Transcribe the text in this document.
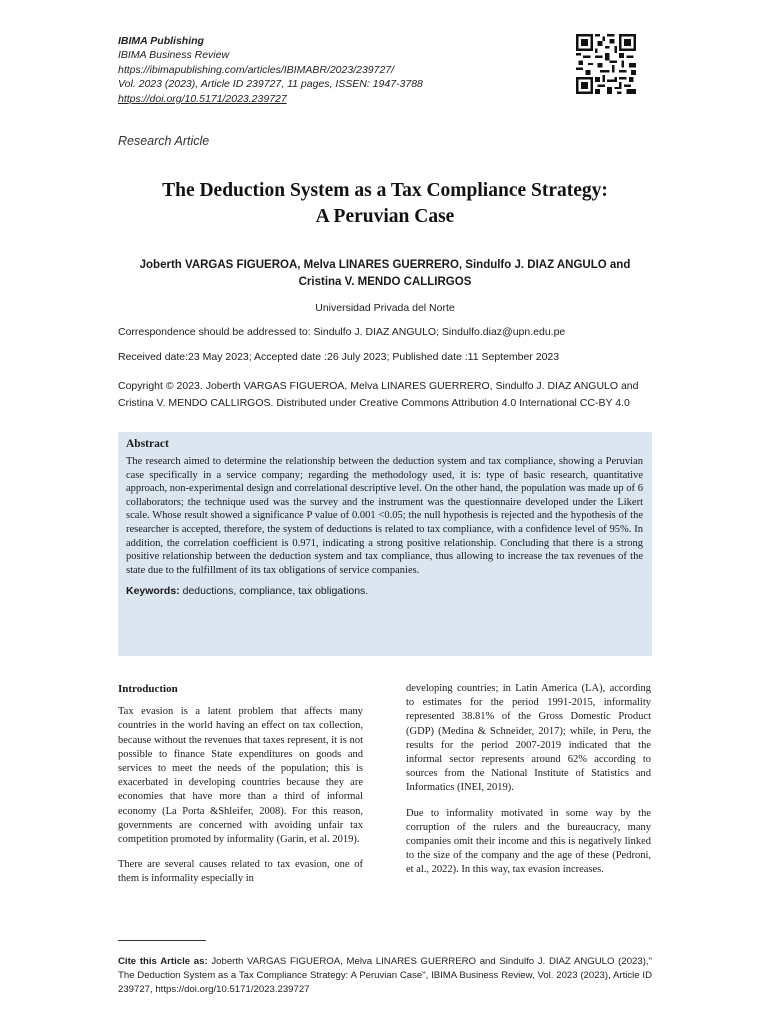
IBIMA Publishing
IBIMA Business Review
https://ibimapublishing.com/articles/IBIMABR/2023/239727/
Vol. 2023 (2023), Article ID 239727, 11 pages, ISSEN: 1947-3788
https://doi.org/10.5171/2023.239727
Research Article
The Deduction System as a Tax Compliance Strategy:
A Peruvian Case
Joberth VARGAS FIGUEROA, Melva LINARES GUERRERO, Sindulfo J. DIAZ ANGULO and
Cristina V. MENDO CALLIRGOS
Universidad Privada del Norte
Correspondence should be addressed to: Sindulfo J. DIAZ ANGULO; Sindulfo.diaz@upn.edu.pe
Received date:23 May 2023; Accepted date :26 July 2023; Published date :11 September 2023
Copyright © 2023. Joberth VARGAS FIGUEROA, Melva LINARES GUERRERO, Sindulfo J. DIAZ ANGULO and
Cristina V. MENDO CALLIRGOS. Distributed under Creative Commons Attribution 4.0 International CC-BY 4.0
Abstract

The research aimed to determine the relationship between the deduction system and tax compliance, showing a Peruvian case specifically in a service company; regarding the methodology used, it is: type of basic research, quantitative approach, non-experimental design and correlational descriptive level. On the other hand, the population was made up of 6 collaborators; the technique used was the survey and the instrument was the questionnaire developed under the Likert scale. Whose result showed a significance P value of 0.001 <0.05; the null hypothesis is rejected and the hypothesis of the researcher is accepted, therefore, the system of deductions is related to tax compliance, with a confidence level of 95%. In addition, the correlation coefficient is 0.971, indicating a strong positive relationship. Concluding that there is a strong positive relationship between the deduction system and tax compliance, thus allowing to increase the tax revenues of the state due to the fulfillment of its tax obligations of service companies.

Keywords: deductions, compliance, tax obligations.
Introduction

Tax evasion is a latent problem that affects many countries in the world having an effect on tax collection, because without the revenues that taxes represent, it is not possible to finance State expenditures on goods and services to meet the needs of the population; this is exacerbated in developing countries because they are economies that have more than a third of informal economy (La Porta &Shleifer, 2008). For this reason, governments are concerned with avoiding unfair tax competition promoted by informality (Garín, et al. 2019).

There are several causes related to tax evasion, one of them is informality especially in

developing countries; in Latin America (LA), according to estimates for the period 1991-2015, informality represented 38.81% of the Gross Domestic Product (GDP) (Medina & Schneider, 2017); while, in Peru, the results for the period 2007-2019 indicated that the informal sector represents around 62% according to sources from the National Institute of Statistics and Informatics (INEI, 2019).

Due to informality motivated in some way by the corruption of the rulers and the bureaucracy, many companies omit their income and this is negatively linked to the size of the company and the age of these (Pedroni, et al., 2022). In this way, tax evasion increases.

Cite this Article as: Joberth VARGAS FIGUEROA, Melva LINARES GUERRERO and Sindulfo J. DIAZ ANGULO (2023)," The Deduction System as a Tax Compliance Strategy: A Peruvian Case", IBIMA Business Review, Vol. 2023 (2023), Article ID 239727, https://doi.org/10.5171/2023.239727
